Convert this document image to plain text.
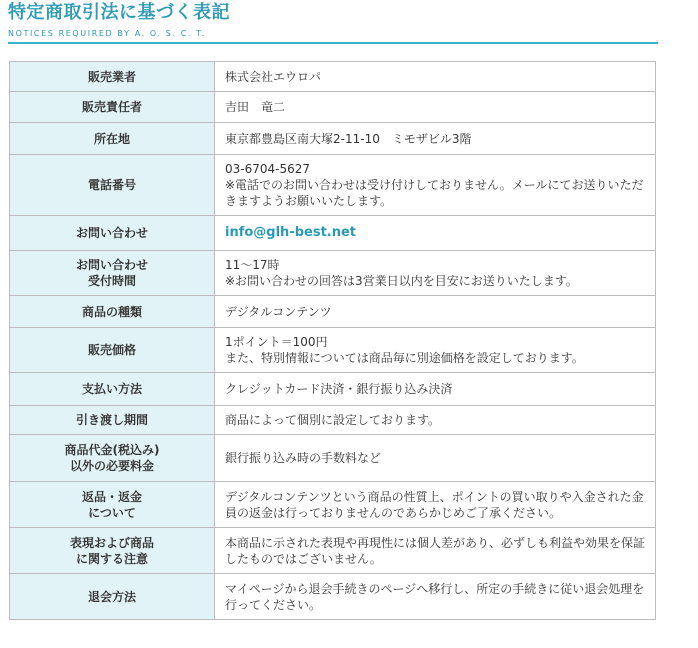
特定商取引法に基づく表記
NOTICES REQUIRED BY A. O. S. C. T.
販売業者	株式会社エウロパ

販売責任者	吉田　竜二

所在地	東京都豊島区南大塚2-11-10　ミモザビル3階

電話番号	03-6704-5627
※電話でのお問い合わせは受け付けしておりません。メールにてお送りいただきますようお願いいたします。

お問い合わせ	info@glh-best.net

お問い合わせ
受付時間	11～17時
※お問い合わせの回答は3営業日以内を目安にお送りいたします。

商品の種類	デジタルコンテンツ

販売価格	1ポイント＝100円
また、特別情報については商品毎に別途価格を設定しております。

支払い方法	クレジットカード決済・銀行振り込み決済

引き渡し期間	商品によって個別に設定しております。

商品代金(税込み)
以外の必要料金	銀行振り込み時の手数料など

返品・返金
について	デジタルコンテンツという商品の性質上、ポイントの買い取りや入金された金員の返金は行っておりませんのであらかじめご了承ください。

表現および商品
に関する注意	本商品に示された表現や再現性には個人差があり、必ずしも利益や効果を保証したものではございません。

退会方法	マイページから退会手続きのページへ移行し、所定の手続きに従い退会処理を行ってください。
